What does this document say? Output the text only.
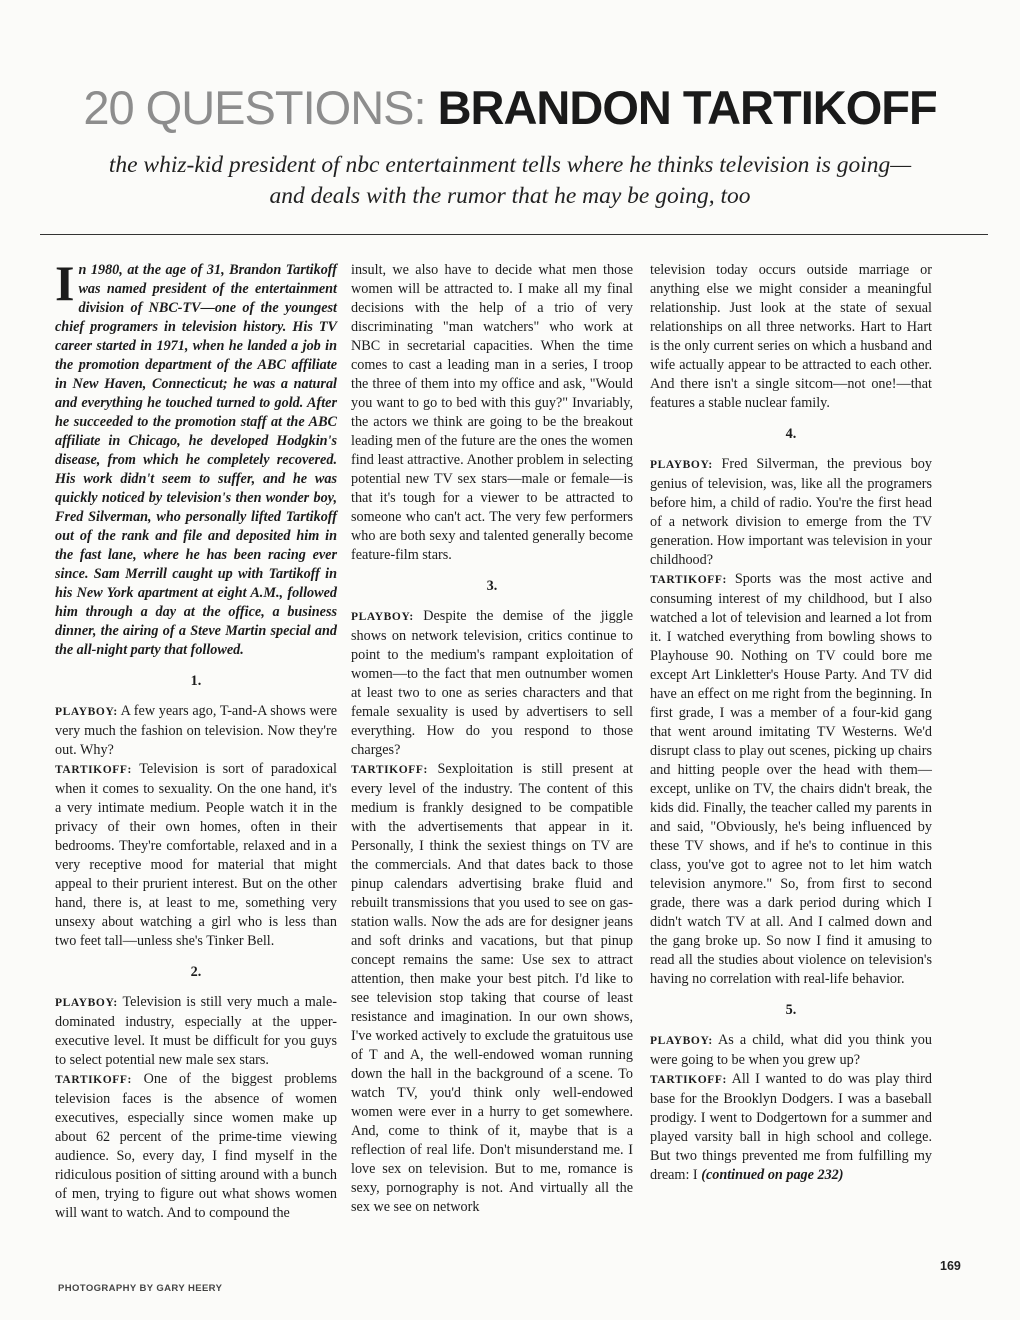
20 QUESTIONS: BRANDON TARTIKOFF
the whiz-kid president of nbc entertainment tells where he thinks television is going—
and deals with the rumor that he may be going, too

In 1980, at the age of 31, Brandon Tartikoff was named president of the entertainment division of NBC-TV—one of the youngest chief programers in television history. His TV career started in 1971, when he landed a job in the promotion department of the ABC affiliate in New Haven, Connecticut; he was a natural and everything he touched turned to gold. After he succeeded to the promotion staff at the ABC affiliate in Chicago, he developed Hodgkin's disease, from which he completely recovered. His work didn't seem to suffer, and he was quickly noticed by television's then wonder boy, Fred Silverman, who personally lifted Tartikoff out of the rank and file and deposited him in the fast lane, where he has been racing ever since. Sam Merrill caught up with Tartikoff in his New York apartment at eight A.M., followed him through a day at the office, a business dinner, the airing of a Steve Martin special and the all-night party that followed.

1.

PLAYBOY: A few years ago, T-and-A shows were very much the fashion on television. Now they're out. Why?

TARTIKOFF: Television is sort of paradoxical when it comes to sexuality. On the one hand, it's a very intimate medium. People watch it in the privacy of their own homes, often in their bedrooms. They're comfortable, relaxed and in a very receptive mood for material that might appeal to their prurient interest. But on the other hand, there is, at least to me, something very unsexy about watching a girl who is less than two feet tall—unless she's Tinker Bell.

2.

PLAYBOY: Television is still very much a male-dominated industry, especially at the upper-executive level. It must be difficult for you guys to select potential new male sex stars.

TARTIKOFF: One of the biggest problems television faces is the absence of women executives, especially since women make up about 62 percent of the prime-time viewing audience. So, every day, I find myself in the ridiculous position of sitting around with a bunch of men, trying to figure out what shows women will want to watch. And to compound the

insult, we also have to decide what men those women will be attracted to. I make all my final decisions with the help of a trio of very discriminating "man watchers" who work at NBC in secretarial capacities. When the time comes to cast a leading man in a series, I troop the three of them into my office and ask, "Would you want to go to bed with this guy?" Invariably, the actors we think are going to be the breakout leading men of the future are the ones the women find least attractive. Another problem in selecting potential new TV sex stars—male or female—is that it's tough for a viewer to be attracted to someone who can't act. The very few performers who are both sexy and talented generally become feature-film stars.

3.

PLAYBOY: Despite the demise of the jiggle shows on network television, critics continue to point to the medium's rampant exploitation of women—to the fact that men outnumber women at least two to one as series characters and that female sexuality is used by advertisers to sell everything. How do you respond to those charges?

TARTIKOFF: Sexploitation is still present at every level of the industry. The content of this medium is frankly designed to be compatible with the advertisements that appear in it. Personally, I think the sexiest things on TV are the commercials. And that dates back to those pinup calendars advertising brake fluid and rebuilt transmissions that you used to see on gas-station walls. Now the ads are for designer jeans and soft drinks and vacations, but that pinup concept remains the same: Use sex to attract attention, then make your best pitch. I'd like to see television stop taking that course of least resistance and imagination. In our own shows, I've worked actively to exclude the gratuitous use of T and A, the well-endowed woman running down the hall in the background of a scene. To watch TV, you'd think only well-endowed women were ever in a hurry to get somewhere. And, come to think of it, maybe that is a reflection of real life. Don't misunderstand me. I love sex on television. But to me, romance is sexy, pornography is not. And virtually all the sex we see on network

television today occurs outside marriage or anything else we might consider a meaningful relationship. Just look at the state of sexual relationships on all three networks. Hart to Hart is the only current series on which a husband and wife actually appear to be attracted to each other. And there isn't a single sitcom—not one!—that features a stable nuclear family.

4.

PLAYBOY: Fred Silverman, the previous boy genius of television, was, like all the programers before him, a child of radio. You're the first head of a network division to emerge from the TV generation. How important was television in your childhood?

TARTIKOFF: Sports was the most active and consuming interest of my childhood, but I also watched a lot of television and learned a lot from it. I watched everything from bowling shows to Playhouse 90. Nothing on TV could bore me except Art Linkletter's House Party. And TV did have an effect on me right from the beginning. In first grade, I was a member of a four-kid gang that went around imitating TV Westerns. We'd disrupt class to play out scenes, picking up chairs and hitting people over the head with them—except, unlike on TV, the chairs didn't break, the kids did. Finally, the teacher called my parents in and said, "Obviously, he's being influenced by these TV shows, and if he's to continue in this class, you've got to agree not to let him watch television anymore." So, from first to second grade, there was a dark period during which I didn't watch TV at all. And I calmed down and the gang broke up. So now I find it amusing to read all the studies about violence on television's having no correlation with real-life behavior.

5.

PLAYBOY: As a child, what did you think you were going to be when you grew up?

TARTIKOFF: All I wanted to do was play third base for the Brooklyn Dodgers. I was a baseball prodigy. I went to Dodgertown for a summer and played varsity ball in high school and college. But two things prevented me from fulfilling my dream: I (continued on page 232)

PHOTOGRAPHY BY GARY HEERY
169
